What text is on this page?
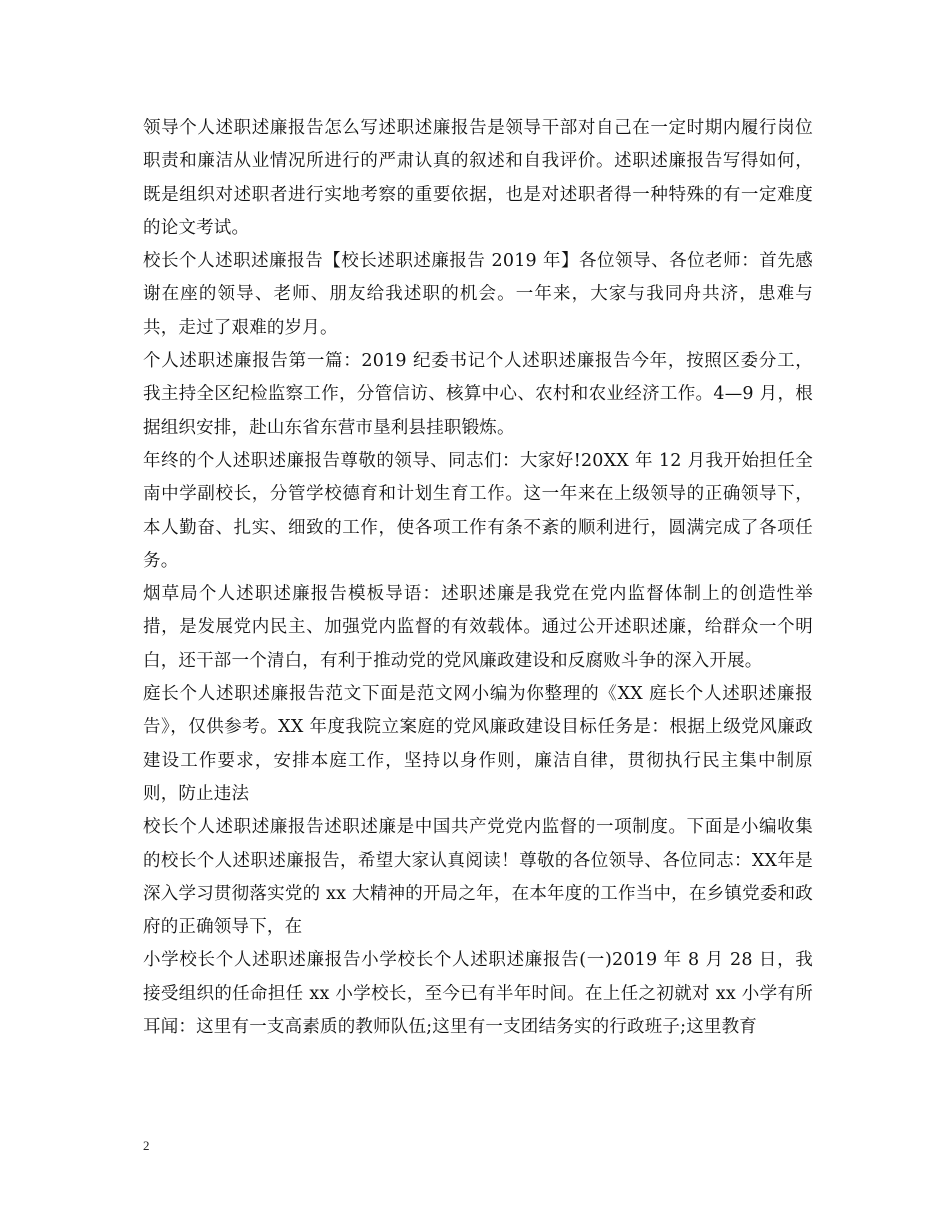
领导个人述职述廉报告怎么写述职述廉报告是领导干部对自己在一定时期内履行岗位职责和廉洁从业情况所进行的严肃认真的叙述和自我评价。述职述廉报告写得如何，既是组织对述职者进行实地考察的重要依据，也是对述职者得一种特殊的有一定难度的论文考试。

校长个人述职述廉报告【校长述职述廉报告 2019 年】各位领导、各位老师：首先感谢在座的领导、老师、朋友给我述职的机会。一年来，大家与我同舟共济，患难与共，走过了艰难的岁月。

个人述职述廉报告第一篇：2019 纪委书记个人述职述廉报告今年，按照区委分工，我主持全区纪检监察工作，分管信访、核算中心、农村和农业经济工作。4—9 月，根据组织安排，赴山东省东营市垦利县挂职锻炼。

年终的个人述职述廉报告尊敬的领导、同志们：大家好!20XX 年 12 月我开始担任全南中学副校长，分管学校德育和计划生育工作。这一年来在上级领导的正确领导下，本人勤奋、扎实、细致的工作，使各项工作有条不紊的顺利进行，圆满完成了各项任务。

烟草局个人述职述廉报告模板导语：述职述廉是我党在党内监督体制上的创造性举措，是发展党内民主、加强党内监督的有效载体。通过公开述职述廉，给群众一个明白，还干部一个清白，有利于推动党的党风廉政建设和反腐败斗争的深入开展。

庭长个人述职述廉报告范文下面是范文网小编为你整理的《XX 庭长个人述职述廉报告》，仅供参考。XX 年度我院立案庭的党风廉政建设目标任务是：根据上级党风廉政建设工作要求，安排本庭工作，坚持以身作则，廉洁自律，贯彻执行民主集中制原则，防止违法

校长个人述职述廉报告述职述廉是中国共产党党内监督的一项制度。下面是小编收集的校长个人述职述廉报告，希望大家认真阅读！尊敬的各位领导、各位同志：XX年是深入学习贯彻落实党的 xx 大精神的开局之年，在本年度的工作当中，在乡镇党委和政府的正确领导下，在

小学校长个人述职述廉报告小学校长个人述职述廉报告(一)2019 年 8 月 28 日，我接受组织的任命担任 xx 小学校长，至今已有半年时间。在上任之初就对 xx 小学有所耳闻：这里有一支高素质的教师队伍;这里有一支团结务实的行政班子;这里教育

2
